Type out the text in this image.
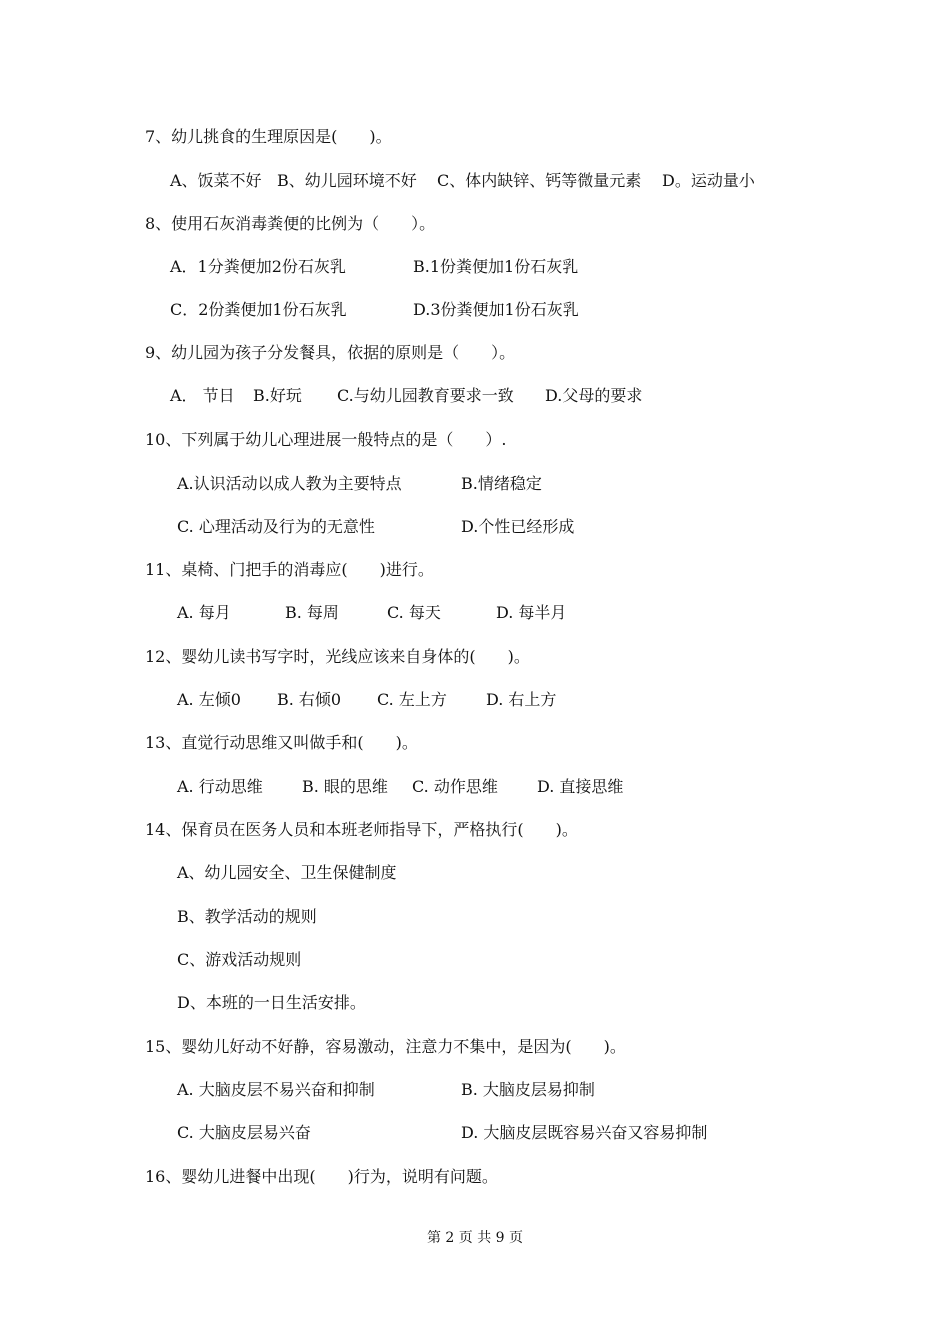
7、幼儿挑食的生理原因是(　　)。
A、饭菜不好 B、幼儿园环境不好 C、体内缺锌、钙等微量元素 D。运动量小
8、使用石灰消毒粪便的比例为（　　）。
A．1分粪便加2份石灰乳	B.1份粪便加1份石灰乳
C．2份粪便加1份石灰乳	D.3份粪便加1份石灰乳
9、幼儿园为孩子分发餐具，依据的原则是（　　）。
A． 节日 B.好玩 C.与幼儿园教育要求一致 D.父母的要求
10、下列属于幼儿心理进展一般特点的是（　　）.
A.认识活动以成人教为主要特点	B.情绪稳定
C. 心理活动及行为的无意性	D.个性已经形成
11、桌椅、门把手的消毒应(　　)进行。
A. 每月	B. 每周	C. 每天	D. 每半月
12、婴幼儿读书写字时，光线应该来自身体的(　　)。
A. 左倾0 B. 右倾0 C. 左上方 D. 右上方
13、直觉行动思维又叫做手和(　　)。
A. 行动思维 B. 眼的思维 C. 动作思维 D. 直接思维
14、保育员在医务人员和本班老师指导下，严格执行(　　)。
A、幼儿园安全、卫生保健制度
B、教学活动的规则
C、游戏活动规则
D、本班的一日生活安排。
15、婴幼儿好动不好静，容易激动，注意力不集中，是因为(　　)。
A. 大脑皮层不易兴奋和抑制	B. 大脑皮层易抑制
C. 大脑皮层易兴奋	D. 大脑皮层既容易兴奋又容易抑制
16、婴幼儿进餐中出现(　　)行为，说明有问题。
第 2 页 共 9 页
